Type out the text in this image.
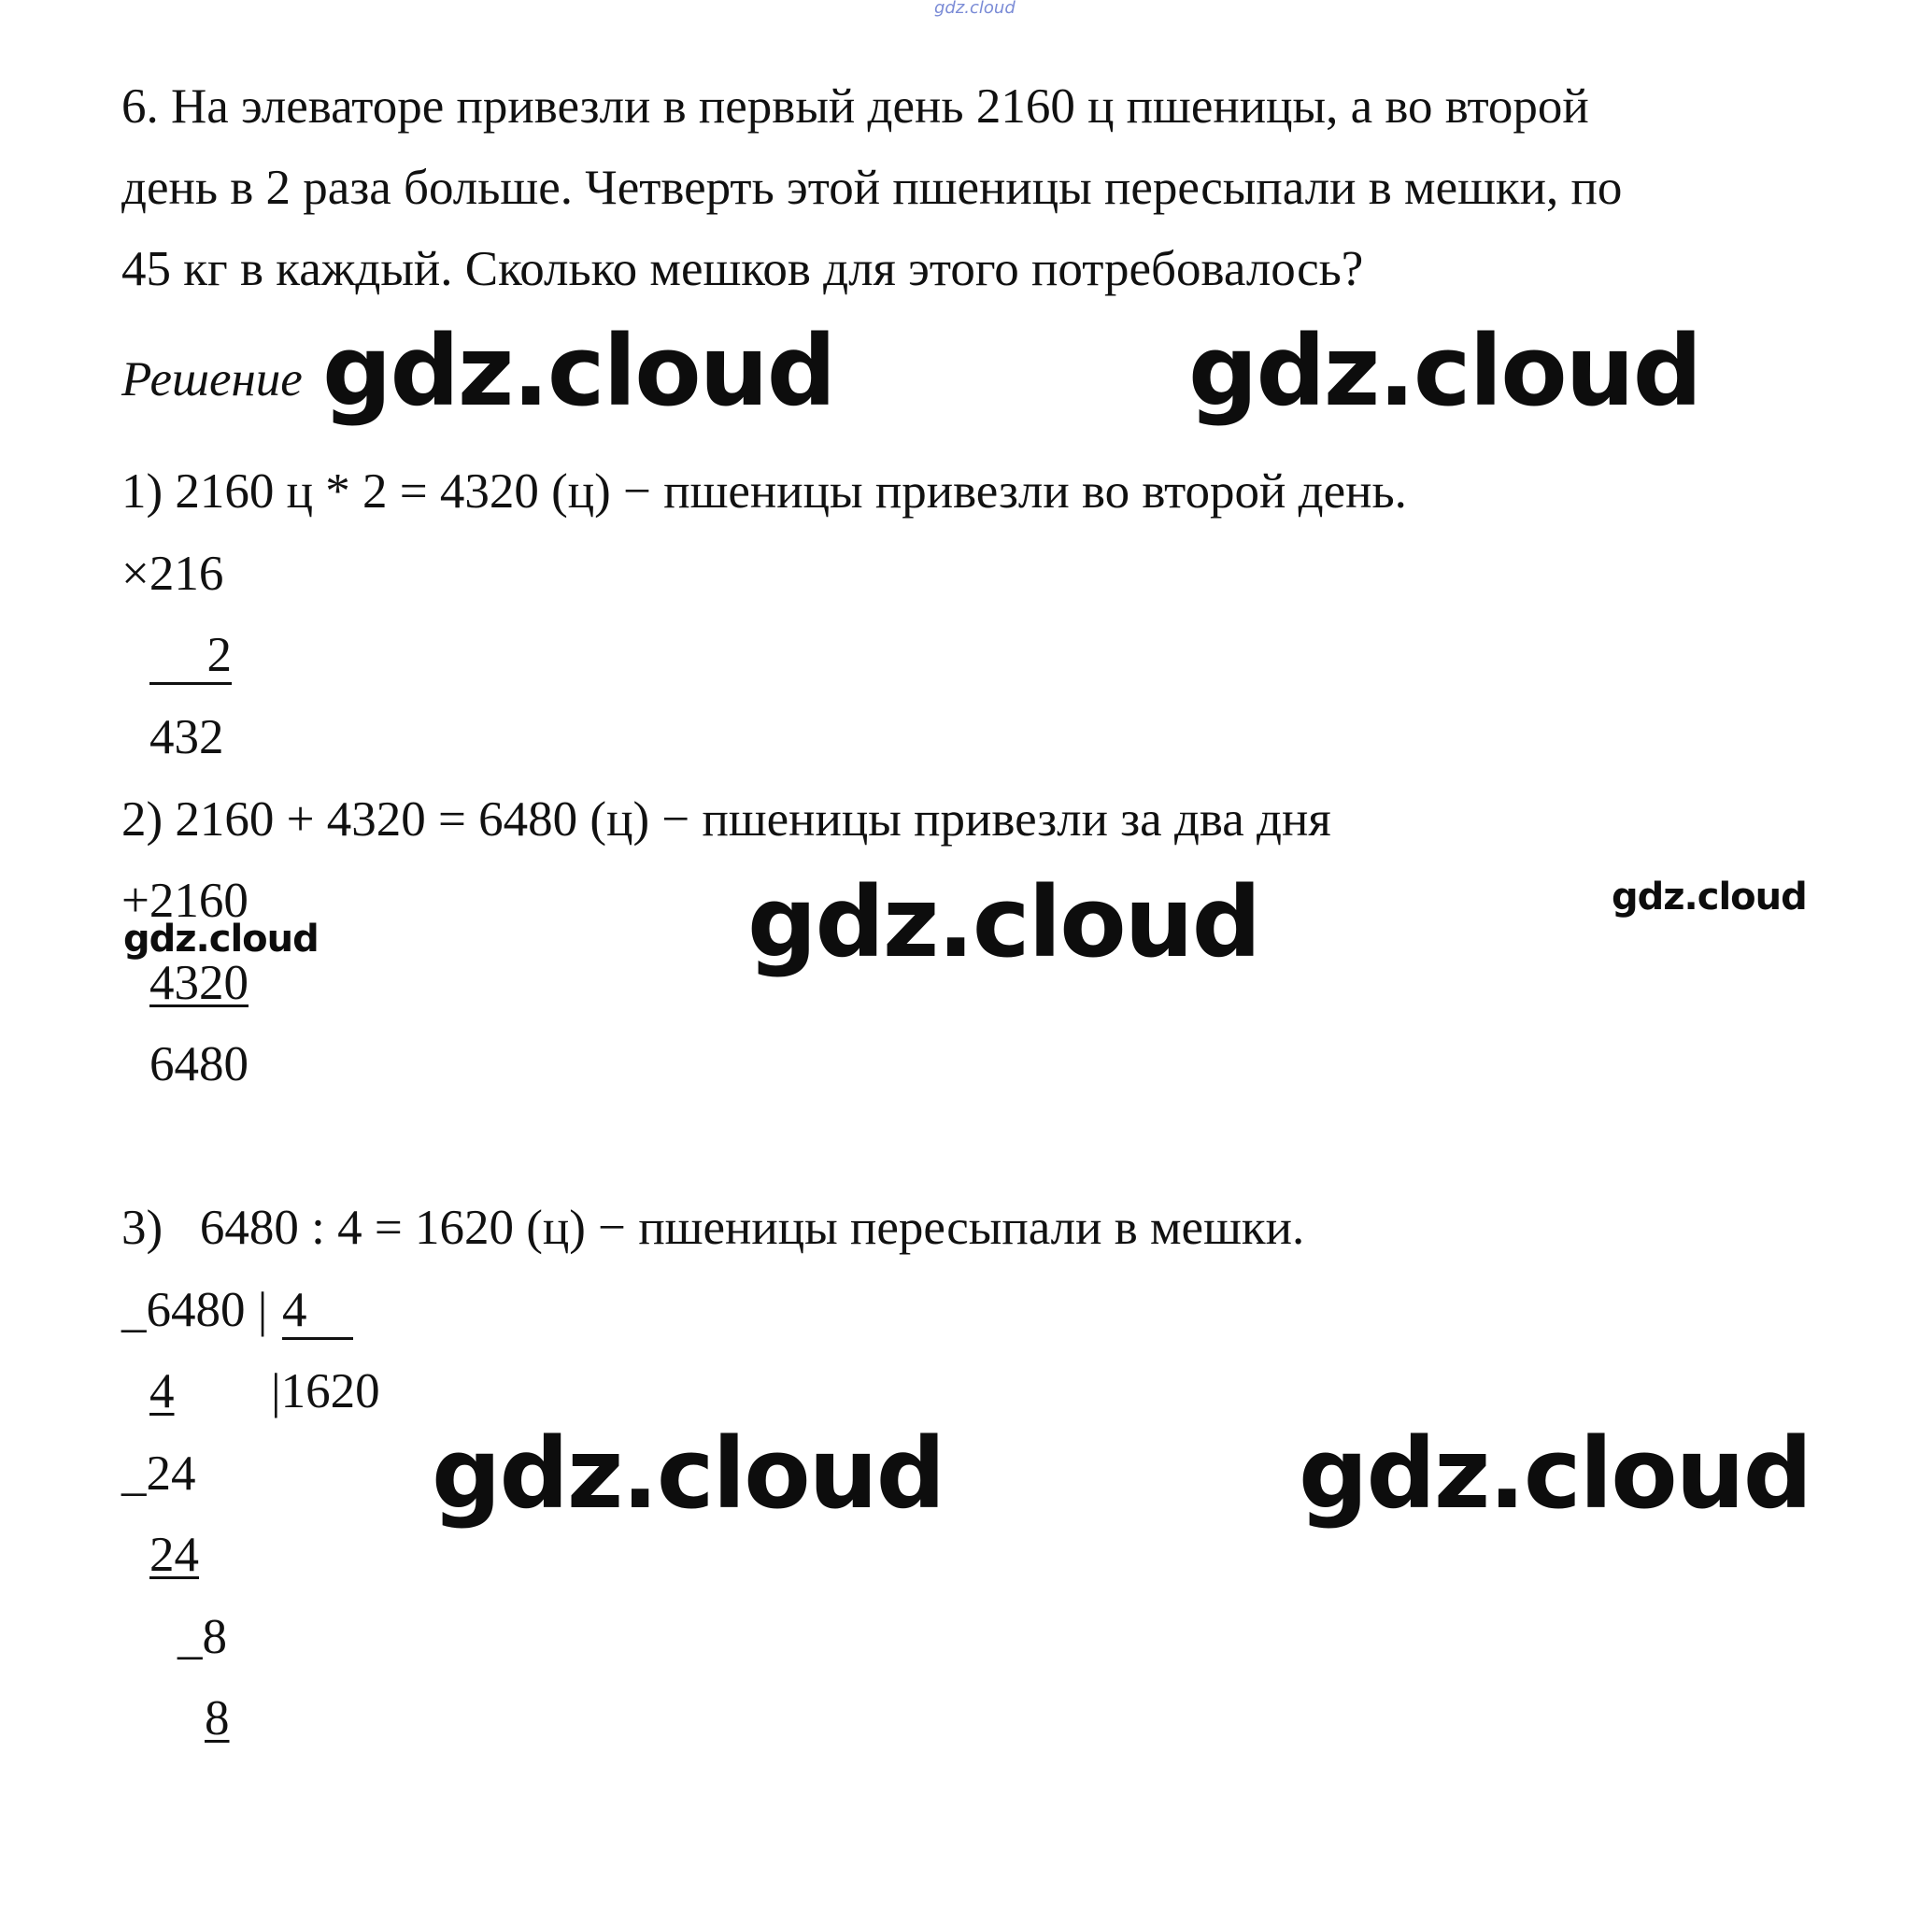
gdz.cloud
6. На элеваторе привезли в первый день 2160 ц пшеницы, а во второй
день в 2 раза больше. Четверть этой пшеницы пересыпали в мешки, по
45 кг в каждый. Сколько мешков для этого потребовалось?
Решение gdz.cloud	gdz.cloud
1) 2160 ц * 2 = 4320 (ц) − пшеницы привезли во второй день.
×216
2
432
2) 2160 + 4320 = 6480 (ц) − пшеницы привезли за два дня
+2160
gdz.cloud	gdz.cloud	gdz.cloud
4320
6480
3)   6480 : 4 = 1620 (ц) − пшеницы пересыпали в мешки.
_6480 | 4
4 |1620
_24 gdz.cloud	gdz.cloud
24
_8
8
